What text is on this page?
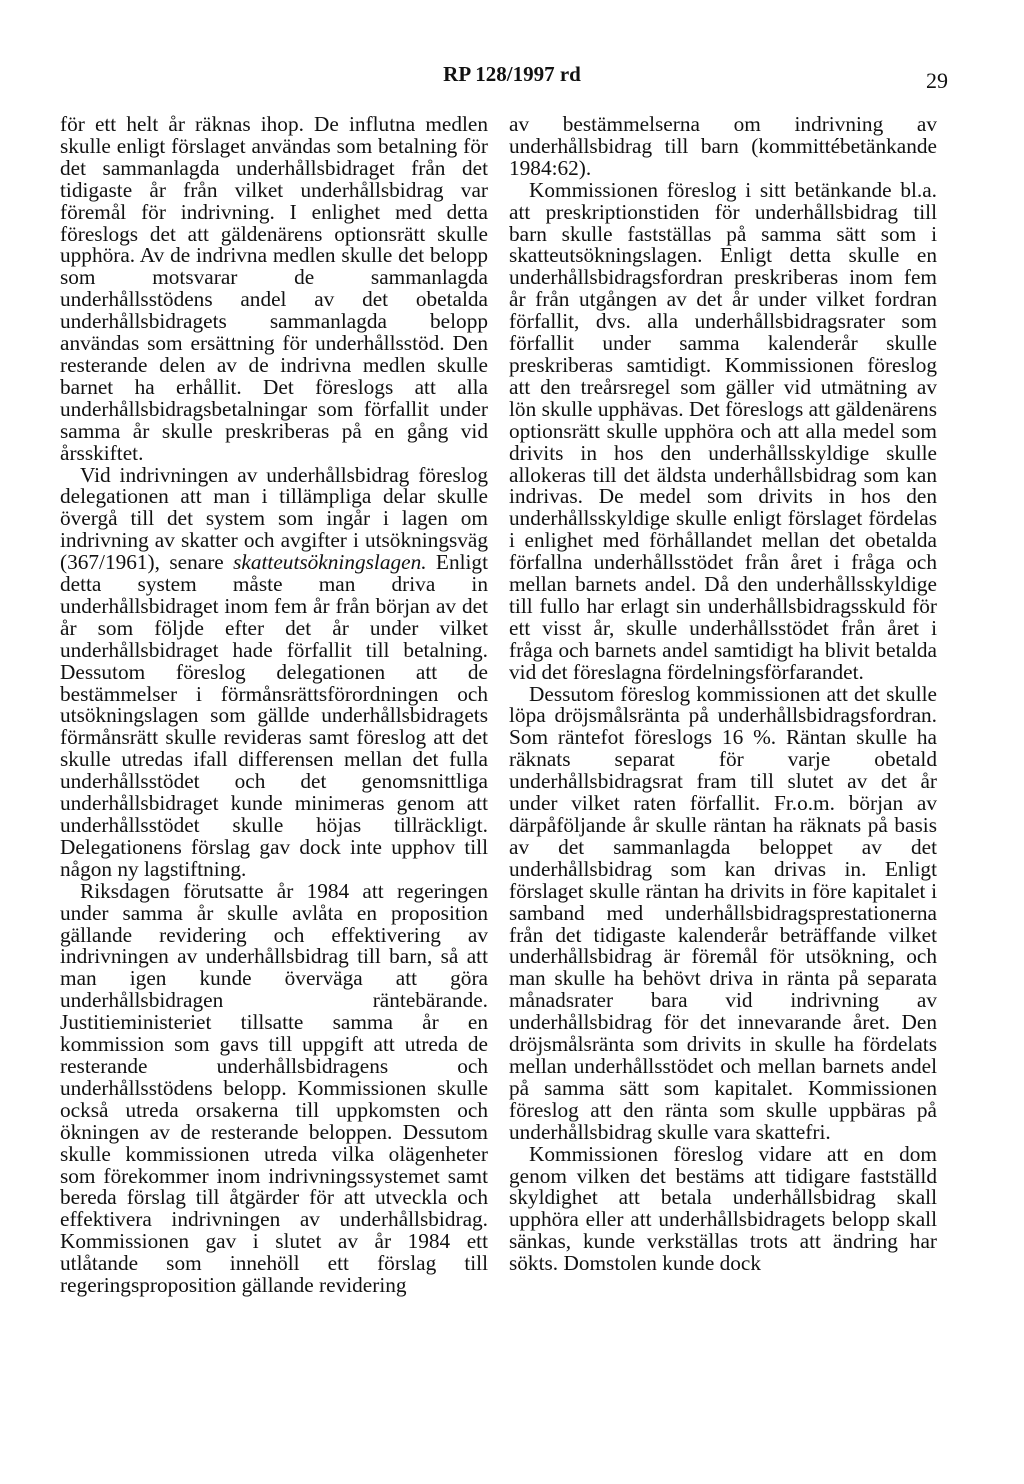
RP 128/1997 rd	29

för ett helt år räknas ihop. De influtna medlen skulle enligt förslaget användas som betalning för det sammanlagda underhållsbidraget från det tidigaste år från vilket underhållsbidrag var föremål för indrivning. I enlighet med detta föreslogs det att gäldenärens optionsrätt skulle upphöra. Av de indrivna medlen skulle det belopp som motsvarar de sammanlagda underhållsstödens andel av det obetalda underhållsbidragets sammanlagda belopp användas som ersättning för underhållsstöd. Den resterande delen av de indrivna medlen skulle barnet ha erhållit. Det föreslogs att alla underhållsbidragsbetalningar som förfallit under samma år skulle preskriberas på en gång vid årsskiftet.

Vid indrivningen av underhållsbidrag föreslog delegationen att man i tillämpliga delar skulle övergå till det system som ingår i lagen om indrivning av skatter och avgifter i utsökningsväg (367/1961), senare skatteutsökningslagen. Enligt detta system måste man driva in underhållsbidraget inom fem år från början av det år som följde efter det år under vilket underhållsbidraget hade förfallit till betalning. Dessutom föreslog delegationen att de bestämmelser i förmånsrättsförordningen och utsökningslagen som gällde underhållsbidragets förmånsrätt skulle revideras samt föreslog att det skulle utredas ifall differensen mellan det fulla underhållsstödet och det genomsnittliga underhållsbidraget kunde minimeras genom att underhållsstödet skulle höjas tillräckligt. Delegationens förslag gav dock inte upphov till någon ny lagstiftning.

Riksdagen förutsatte år 1984 att regeringen under samma år skulle avlåta en proposition gällande revidering och effektivering av indrivningen av underhållsbidrag till barn, så att man igen kunde överväga att göra underhållsbidragen räntebärande. Justitieministeriet tillsatte samma år en kommission som gavs till uppgift att utreda de resterande underhållsbidragens och underhållsstödens belopp. Kommissionen skulle också utreda orsakerna till uppkomsten och ökningen av de resterande beloppen. Dessutom skulle kommissionen utreda vilka olägenheter som förekommer inom indrivningssystemet samt bereda förslag till åtgärder för att utveckla och effektivera indrivningen av underhållsbidrag. Kommissionen gav i slutet av år 1984 ett utlåtande som innehöll ett förslag till regeringsproposition gällande revidering

av bestämmelserna om indrivning av underhållsbidrag till barn (kommittébetänkande 1984:62).

Kommissionen föreslog i sitt betänkande bl.a. att preskriptionstiden för underhållsbidrag till barn skulle fastställas på samma sätt som i skatteutsökningslagen. Enligt detta skulle en underhållsbidragsfordran preskriberas inom fem år från utgången av det år under vilket fordran förfallit, dvs. alla underhållsbidragsrater som förfallit under samma kalenderår skulle preskriberas samtidigt. Kommissionen föreslog att den treårsregel som gäller vid utmätning av lön skulle upphävas. Det föreslogs att gäldenärens optionsrätt skulle upphöra och att alla medel som drivits in hos den underhållsskyldige skulle allokeras till det äldsta underhållsbidrag som kan indrivas. De medel som drivits in hos den underhållsskyldige skulle enligt förslaget fördelas i enlighet med förhållandet mellan det obetalda förfallna underhållsstödet från året i fråga och mellan barnets andel. Då den underhållsskyldige till fullo har erlagt sin underhållsbidragsskuld för ett visst år, skulle underhållsstödet från året i fråga och barnets andel samtidigt ha blivit betalda vid det föreslagna fördelningsförfarandet.

Dessutom föreslog kommissionen att det skulle löpa dröjsmålsränta på underhållsbidragsfordran. Som räntefot föreslogs 16 %. Räntan skulle ha räknats separat för varje obetald underhållsbidragsrat fram till slutet av det år under vilket raten förfallit. Fr.o.m. början av därpåföljande år skulle räntan ha räknats på basis av det sammanlagda beloppet av det underhållsbidrag som kan drivas in. Enligt förslaget skulle räntan ha drivits in före kapitalet i samband med underhållsbidragsprestationerna från det tidigaste kalenderår beträffande vilket underhållsbidrag är föremål för utsökning, och man skulle ha behövt driva in ränta på separata månadsrater bara vid indrivning av underhållsbidrag för det innevarande året. Den dröjsmålsränta som drivits in skulle ha fördelats mellan underhållsstödet och mellan barnets andel på samma sätt som kapitalet. Kommissionen föreslog att den ränta som skulle uppbäras på underhållsbidrag skulle vara skattefri.

Kommissionen föreslog vidare att en dom genom vilken det bestäms att tidigare fastställd skyldighet att betala underhållsbidrag skall upphöra eller att underhållsbidragets belopp skall sänkas, kunde verkställas trots att ändring har sökts. Domstolen kunde dock
